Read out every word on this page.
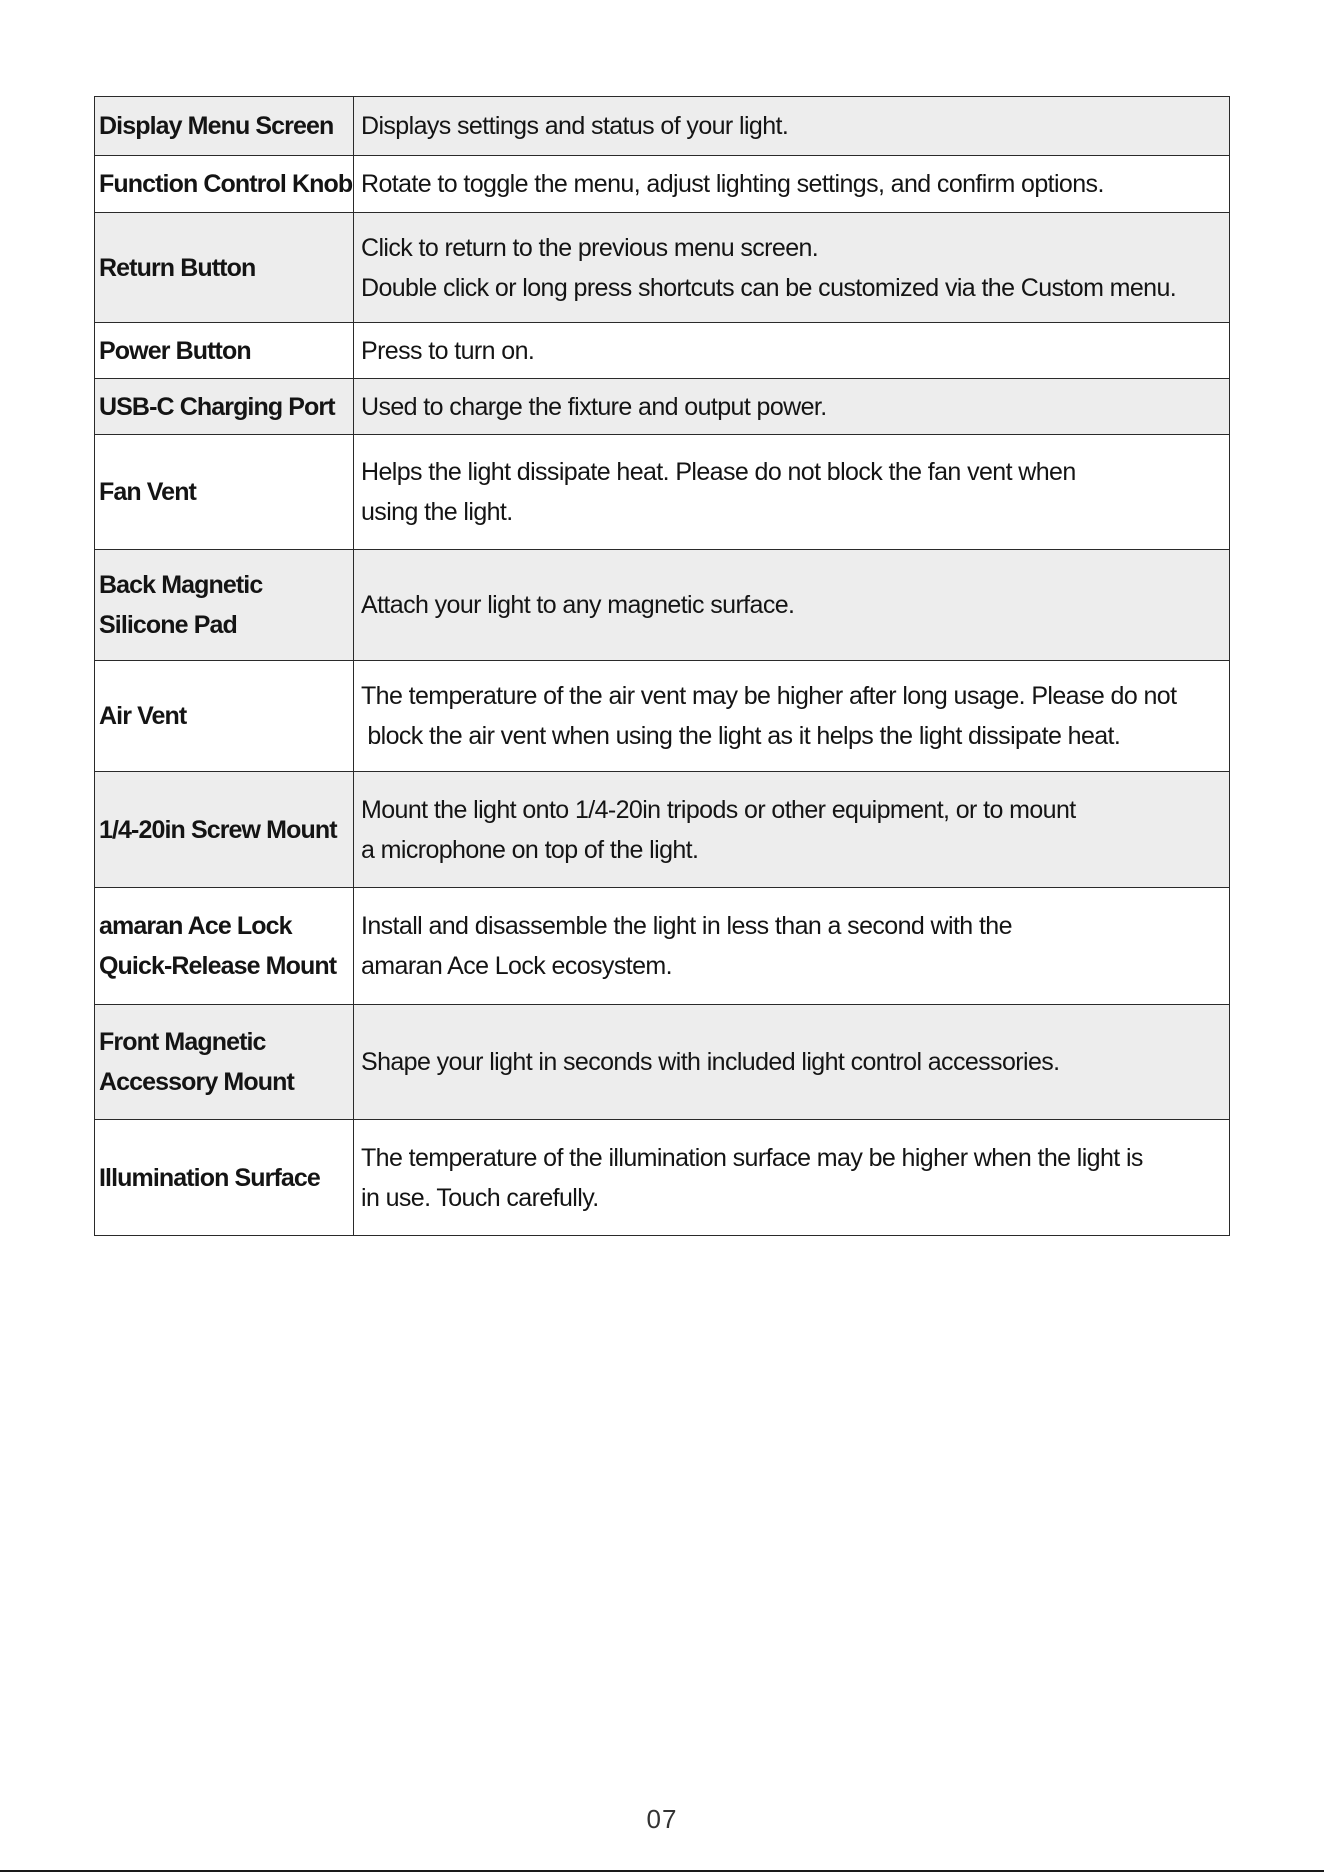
Display Menu Screen	Displays settings and status of your light.

Function Control Knob	Rotate to toggle the menu, adjust lighting settings, and confirm options.

Return Button	Click to return to the previous menu screen.
Double click or long press shortcuts can be customized via the Custom menu.

Power Button	Press to turn on.

USB-C Charging Port	Used to charge the fixture and output power.

Fan Vent	Helps the light dissipate heat. Please do not block the fan vent when
using the light.

Back Magnetic
Silicone Pad	Attach your light to any magnetic surface.

Air Vent	The temperature of the air vent may be higher after long usage. Please do not
block the air vent when using the light as it helps the light dissipate heat.

1/4-20in Screw Mount	Mount the light onto 1/4-20in tripods or other equipment, or to mount
a microphone on top of the light.

amaran Ace Lock
Quick-Release Mount	Install and disassemble the light in less than a second with the
amaran Ace Lock ecosystem.

Front Magnetic
Accessory Mount	Shape your light in seconds with included light control accessories.

Illumination Surface	The temperature of the illumination surface may be higher when the light is
in use. Touch carefully.
07
